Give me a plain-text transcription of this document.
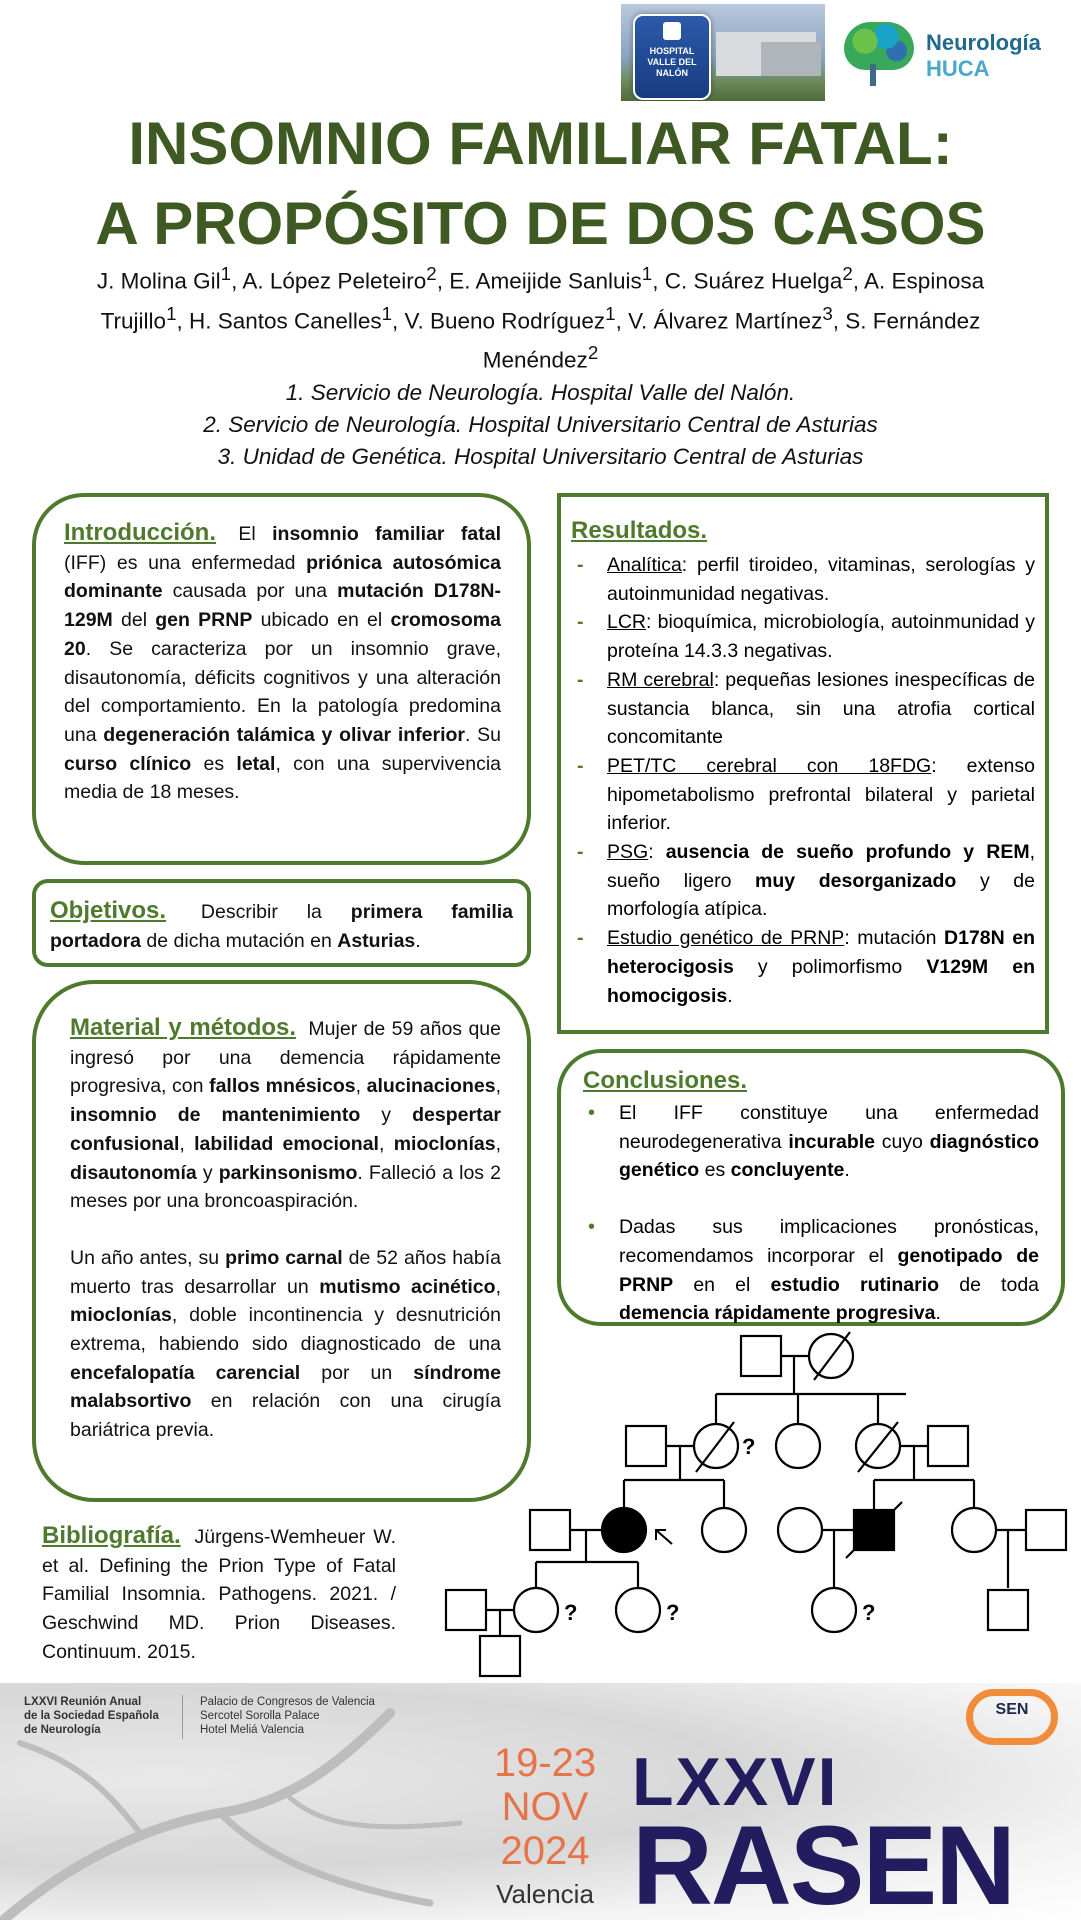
HOSPITAL VALLE DEL NALÓN
Neurología
HUCA
INSOMNIO FAMILIAR FATAL:
A PROPÓSITO DE DOS CASOS
J. Molina Gil$^1$, A. López Peleteiro$^2$, E. Ameijide Sanluis$^1$, C. Suárez Huelga$^2$, A. Espinosa Trujillo$^1$, H. Santos Canelles$^1$, V. Bueno Rodríguez$^1$, V. Álvarez Martínez$^3$, S. Fernández Menéndez$^2$
1. Servicio de Neurología. Hospital Valle del Nalón.
2. Servicio de Neurología. Hospital Universitario Central de Asturias
3. Unidad de Genética. Hospital Universitario Central de Asturias
Introducción. El insomnio familiar fatal (IFF) es una enfermedad priónica autosómica dominante causada por una mutación D178N-129M del gen PRNP ubicado en el cromosoma 20. Se caracteriza por un insomnio grave, disautonomía, déficits cognitivos y una alteración del comportamiento. En la patología predomina una degeneración talámica y olivar inferior. Su curso clínico es letal, con una supervivencia media de 18 meses.
Objetivos. Describir la primera familia portadora de dicha mutación en Asturias.
Material y métodos. Mujer de 59 años que ingresó por una demencia rápidamente progresiva, con fallos mnésicos, alucinaciones, insomnio de mantenimiento y despertar confusional, labilidad emocional, mioclonías, disautonomía y parkinsonismo. Falleció a los 2 meses por una broncoaspiración.
Un año antes, su primo carnal de 52 años había muerto tras desarrollar un mutismo acinético, mioclonías, doble incontinencia y desnutrición extrema, habiendo sido diagnosticado de una encefalopatía carencial por un síndrome malabsortivo en relación con una cirugía bariátrica previa.
Resultados.
- Analítica: perfil tiroideo, vitaminas, serologías y autoinmunidad negativas.
- LCR: bioquímica, microbiología, autoinmunidad y proteína 14.3.3 negativas.
- RM cerebral: pequeñas lesiones inespecíficas de sustancia blanca, sin una atrofia cortical concomitante
- PET/TC cerebral con 18FDG: extenso hipometabolismo prefrontal bilateral y parietal inferior.
- PSG: ausencia de sueño profundo y REM, sueño ligero muy desorganizado y de morfología atípica.
- Estudio genético de PRNP: mutación D178N en heterocigosis y polimorfismo V129M en homocigosis.
Conclusiones.
• El IFF constituye una enfermedad neurodegenerativa incurable cuyo diagnóstico genético es concluyente.
• Dadas sus implicaciones pronósticas, recomendamos incorporar el genotipado de PRNP en el estudio rutinario de toda demencia rápidamente progresiva.
Bibliografía. Jürgens-Wemheuer W. et al. Defining the Prion Type of Fatal Familial Insomnia. Pathogens. 2021. / Geschwind MD. Prion Diseases. Continuum. 2015.
?
?	?	?
LXXVI Reunión Anual
de la Sociedad Española
de Neurología
Palacio de Congresos de Valencia
Sercotel Sorolla Palace
Hotel Meliá Valencia
19-23
NOV
2024
Valencia
LXXVI
RASEN
SEN
